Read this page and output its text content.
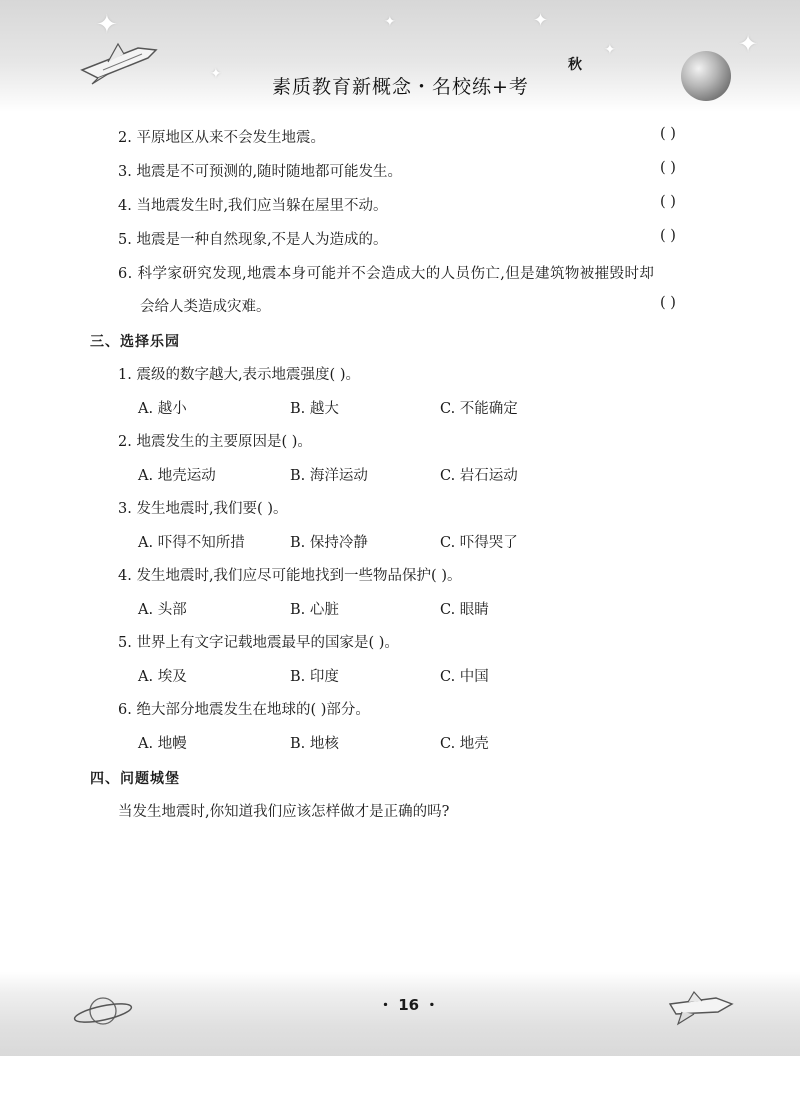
✦	✦	✦
✦
✦	✦
素质教育新概念・名校练+考
秋
2. 平原地区从来不会发生地震。	( )
3. 地震是不可预测的,随时随地都可能发生。	( )
4. 当地震发生时,我们应当躲在屋里不动。	( )
5. 地震是一种自然现象,不是人为造成的。	( )
6. 科学家研究发现,地震本身可能并不会造成大的人员伤亡,但是建筑物被摧毁时却
会给人类造成灾难。	( )
三、选择乐园
1. 震级的数字越大,表示地震强度( )。
A. 越小	B. 越大	C. 不能确定
2. 地震发生的主要原因是( )。
A. 地壳运动	B. 海洋运动	C. 岩石运动
3. 发生地震时,我们要( )。
A. 吓得不知所措	B. 保持冷静	C. 吓得哭了
4. 发生地震时,我们应尽可能地找到一些物品保护( )。
A. 头部	B. 心脏	C. 眼睛
5. 世界上有文字记载地震最早的国家是( )。
A. 埃及	B. 印度	C. 中国
6. 绝大部分地震发生在地球的( )部分。
A. 地幔	B. 地核	C. 地壳
四、问题城堡
当发生地震时,你知道我们应该怎样做才是正确的吗?
・ 16 ・
